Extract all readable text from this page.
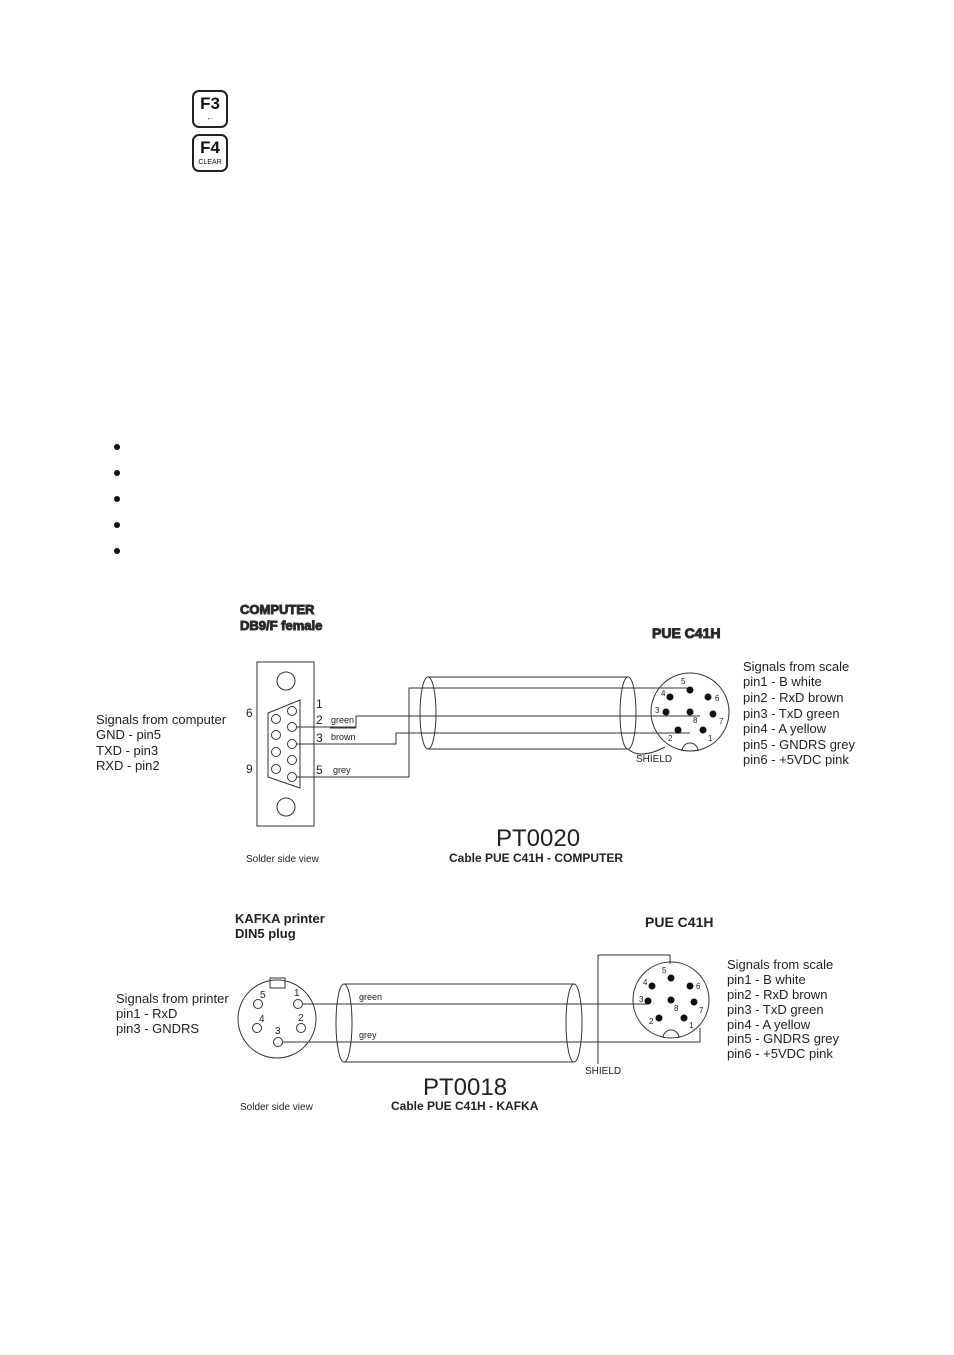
F3
←
F4
CLEAR
COMPUTER
DB9/F female	PUE C41H
6
9
1
2
3
5
green
brown
grey
SHIELD
5
4
6
3
8	7
2	1
Signals from computer
GND - pin5
TXD - pin3
RXD - pin2
Signals from scale
pin1 - B white
pin2 - RxD brown
pin3 - TxD green
pin4 - A yellow
pin5 - GNDRS grey
pin6 - +5VDC pink
Solder side view
PT0020
Cable PUE C41H - COMPUTER
KAFKA printer
DIN5 plug
PUE C41H
5	1
4	2
3
green
grey
SHIELD
5
4	6
3
8	7
2	1
Signals from printer
pin1 - RxD
pin3 - GNDRS
Signals from scale
pin1 - B white
pin2 - RxD brown
pin3 - TxD green
pin4 - A yellow
pin5 - GNDRS grey
pin6 - +5VDC pink
Solder side view
PT0018
Cable PUE C41H - KAFKA
